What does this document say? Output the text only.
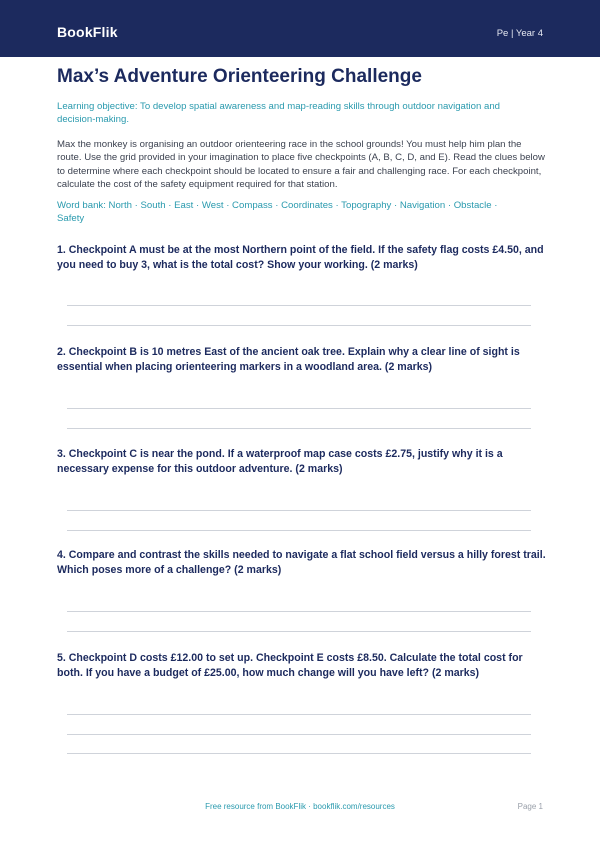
BookFlik	Pe | Year 4
Max’s Adventure Orienteering Challenge
Learning objective: To develop spatial awareness and map-reading skills through outdoor navigation and decision-making.
Max the monkey is organising an outdoor orienteering race in the school grounds! You must help him plan the route. Use the grid provided in your imagination to place five checkpoints (A, B, C, D, and E). Read the clues below to determine where each checkpoint should be located to ensure a fair and challenging race. For each checkpoint, calculate the cost of the safety equipment required for that station.
Word bank: North · South · East · West · Compass · Coordinates · Topography · Navigation · Obstacle · Safety
1. Checkpoint A must be at the most Northern point of the field. If the safety flag costs £4.50, and you need to buy 3, what is the total cost? Show your working. (2 marks)
2. Checkpoint B is 10 metres East of the ancient oak tree. Explain why a clear line of sight is essential when placing orienteering markers in a woodland area. (2 marks)
3. Checkpoint C is near the pond. If a waterproof map case costs £2.75, justify why it is a necessary expense for this outdoor adventure. (2 marks)
4. Compare and contrast the skills needed to navigate a flat school field versus a hilly forest trail. Which poses more of a challenge? (2 marks)
5. Checkpoint D costs £12.00 to set up. Checkpoint E costs £8.50. Calculate the total cost for both. If you have a budget of £25.00, how much change will you have left? (2 marks)
Free resource from BookFlik · bookflik.com/resources	Page 1
